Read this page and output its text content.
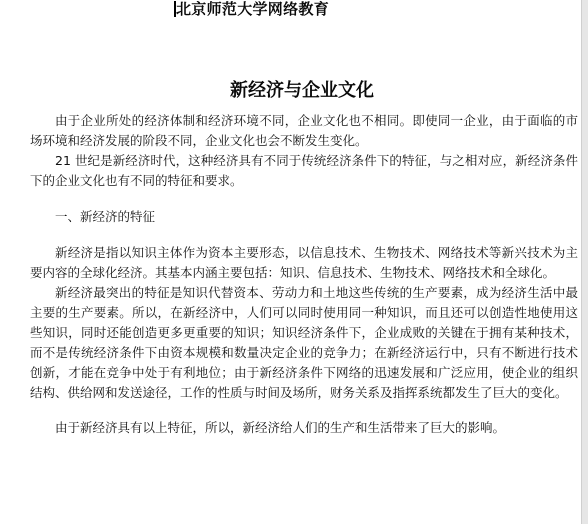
北京师范大学网络教育
新经济与企业文化

由于企业所处的经济体制和经济环境不同，企业文化也不相同。即使同一企业，由于面临的市场环境和经济发展的阶段不同，企业文化也会不断发生变化。

21 世纪是新经济时代，这种经济具有不同于传统经济条件下的特征，与之相对应，新经济条件下的企业文化也有不同的特征和要求。

一、新经济的特征

新经济是指以知识主体作为资本主要形态，以信息技术、生物技术、网络技术等新兴技术为主要内容的全球化经济。其基本内涵主要包括：知识、信息技术、生物技术、网络技术和全球化。

新经济最突出的特征是知识代替资本、劳动力和土地这些传统的生产要素，成为经济生活中最主要的生产要素。所以，在新经济中，人们可以同时使用同一种知识，而且还可以创造性地使用这些知识，同时还能创造更多更重要的知识；知识经济条件下，企业成败的关键在于拥有某种技术，而不是传统经济条件下由资本规模和数量决定企业的竞争力；在新经济运行中，只有不断进行技术创新，才能在竞争中处于有利地位；由于新经济条件下网络的迅速发展和广泛应用，使企业的组织结构、供给网和发送途径，工作的性质与时间及场所，财务关系及指挥系统都发生了巨大的变化。

由于新经济具有以上特征，所以，新经济给人们的生产和生活带来了巨大的影响。
